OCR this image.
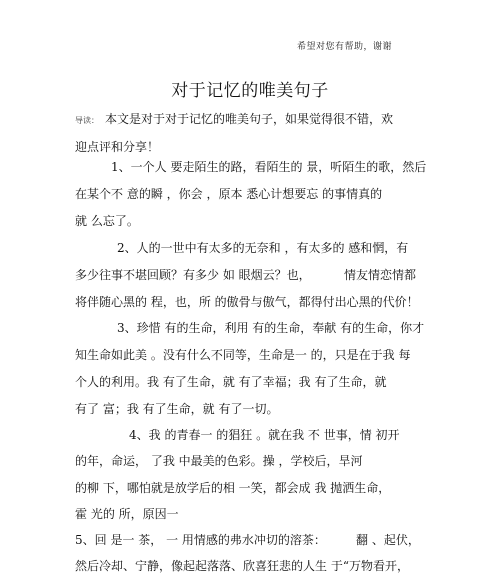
希望对您有帮助，谢谢
对于记忆的唯美句子
导读： 本文是对于对于记忆的唯美句子，如果觉得很不错，欢
迎点评和分享！
1、一个人 要走陌生的路，看陌生的 景，听陌生的歌，然后
在某个不 意的瞬 ，你会 ，原本 悉心计想要忘 的事情真的
就 么忘了。
2、人的一世中有太多的无奈和 ，有太多的 感和惘，有
多少往事不堪回顾？有多少 如 眼烟云？也，	情友情恋情都
将伴随心黑的 程，也，所 的傲骨与傲气，都得付出心黑的代价！
3、珍惜 有的生命，利用 有的生命，奉献 有的生命，你才
知生命如此美 。没有什么不同等，生命是一 的，只是在于我 每
个人的利用。我 有了生命，就 有了幸福；我 有了生命，就
有了 富；我 有了生命，就 有了一切。
4、我 的青春一 的猖狂 。就在我 不 世事，情 初开
的年，命运， 了我 中最美的色彩。操 ，学校后，旱河
的柳 下，哪怕就是放学后的相 一笑，都会成 我 抛洒生命，
霍 光的 所，原因一
5、回 是一 茶， 一 用情感的弗水冲切的溶茶：	翻 、起伏，
然后冷却、宁静，像起起落落、欣喜狂悲的人生 于“万物看开，
